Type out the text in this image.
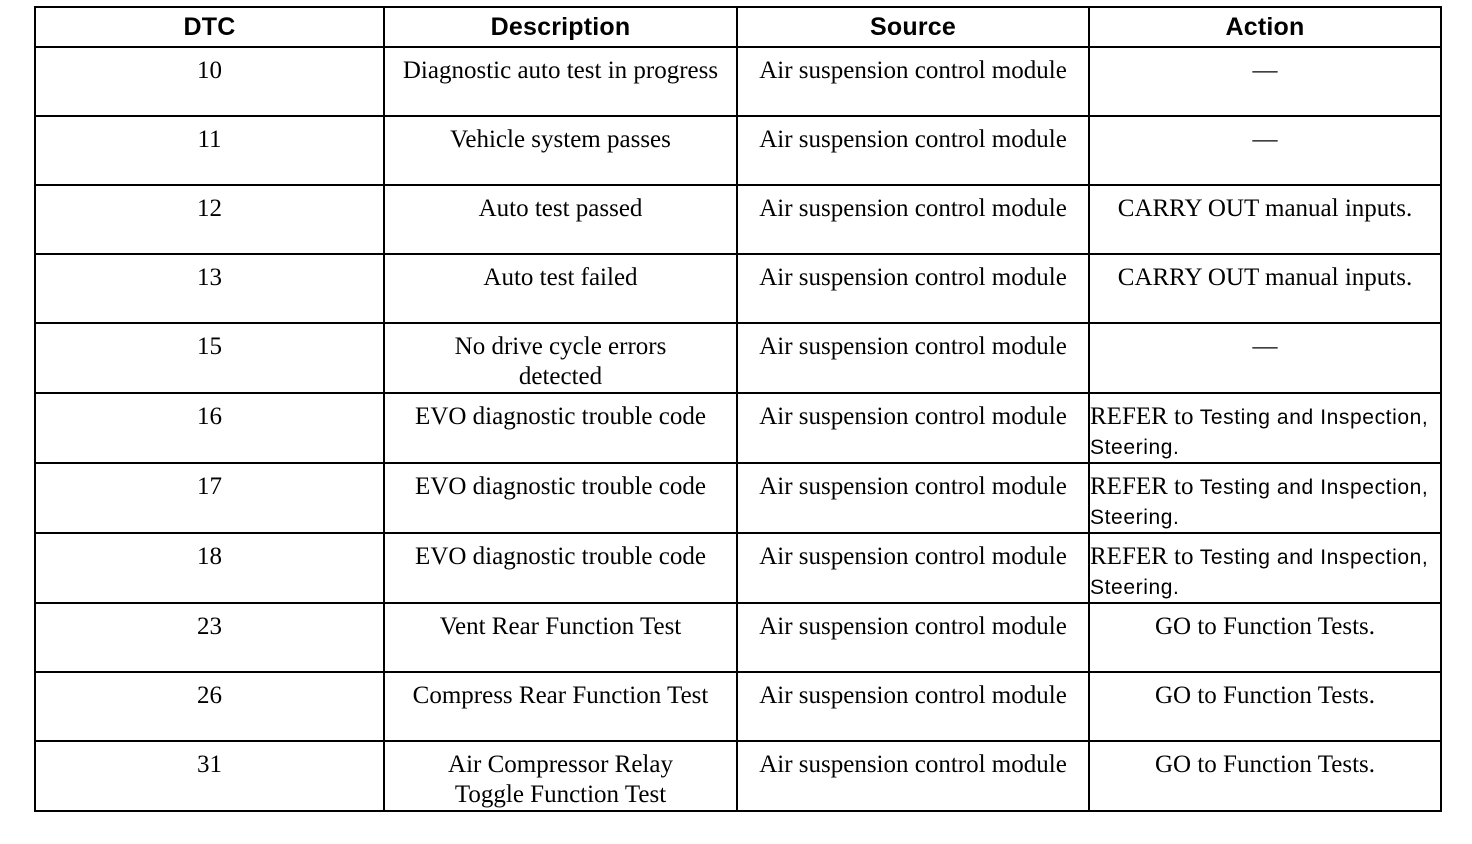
DTC	Description	Source	Action
10	Diagnostic auto test in progress	Air suspension control module	—
11	Vehicle system passes	Air suspension control module	—
12	Auto test passed	Air suspension control module	CARRY OUT manual inputs.
13	Auto test failed	Air suspension control module	CARRY OUT manual inputs.
15	No drive cycle errors detected	Air suspension control module	—
16	EVO diagnostic trouble code	Air suspension control module	REFER to Testing and Inspection, Steering.
17	EVO diagnostic trouble code	Air suspension control module	REFER to Testing and Inspection, Steering.
18	EVO diagnostic trouble code	Air suspension control module	REFER to Testing and Inspection, Steering.
23	Vent Rear Function Test	Air suspension control module	GO to Function Tests.
26	Compress Rear Function Test	Air suspension control module	GO to Function Tests.
31	Air Compressor Relay Toggle Function Test	Air suspension control module	GO to Function Tests.
